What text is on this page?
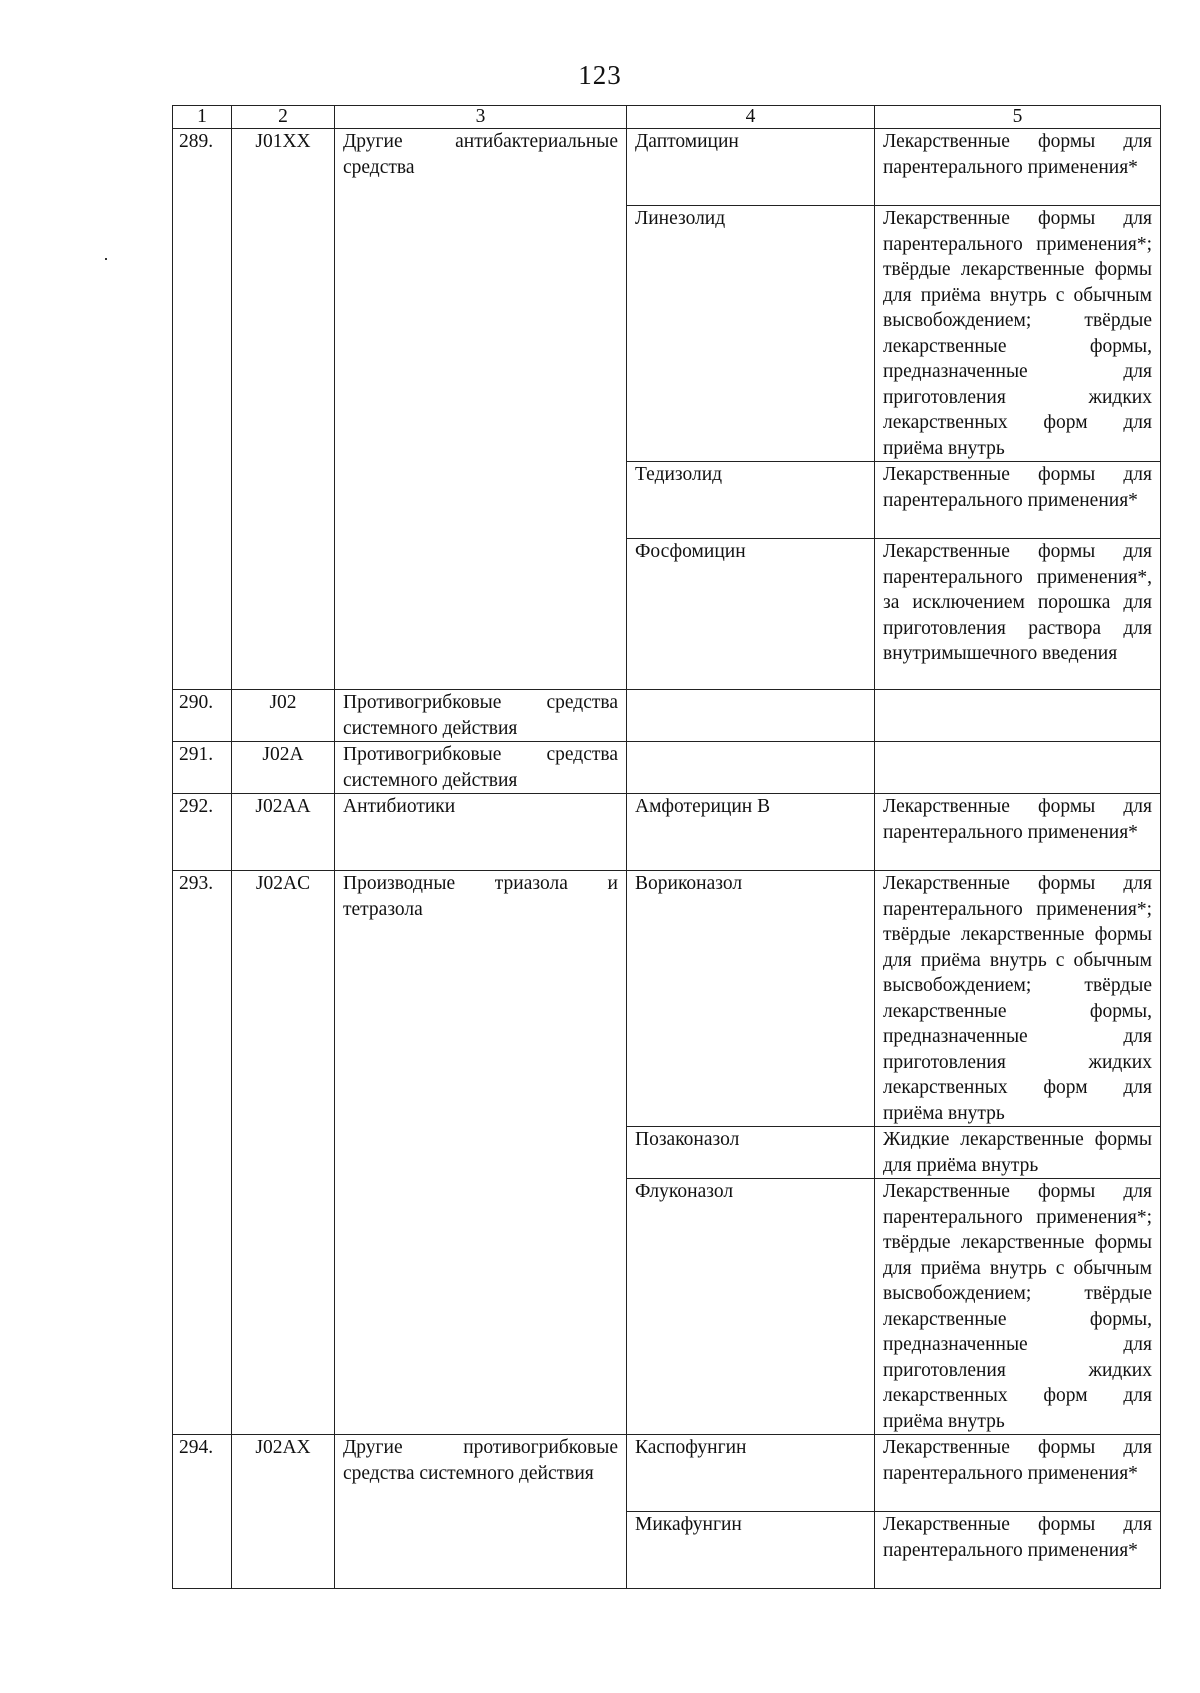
123
1	2	3	4	5
289.	J01XX	Другие антибактериальные средства	Даптомицин	Лекарственные формы для парентерального применения*
			Линезолид	Лекарственные формы для парентерального применения*; твёрдые лекарственные формы для приёма внутрь с обычным высвобождением; твёрдые лекарственные формы, предназначенные для приготовления жидких лекарственных форм для приёма внутрь
			Тедизолид	Лекарственные формы для парентерального применения*
			Фосфомицин	Лекарственные формы для парентерального применения*, за исключением порошка для приготовления раствора для внутримышечного введения
290.	J02	Противогрибковые средства системного действия		
291.	J02A	Противогрибковые средства системного действия		
292.	J02AA	Антибиотики	Амфотерицин В	Лекарственные формы для парентерального применения*
293.	J02AC	Производные триазола и тетразола	Вориконазол	Лекарственные формы для парентерального применения*; твёрдые лекарственные формы для приёма внутрь с обычным высвобождением; твёрдые лекарственные формы, предназначенные для приготовления жидких лекарственных форм для приёма внутрь
			Позаконазол	Жидкие лекарственные формы для приёма внутрь
			Флуконазол	Лекарственные формы для парентерального применения*; твёрдые лекарственные формы для приёма внутрь с обычным высвобождением; твёрдые лекарственные формы, предназначенные для приготовления жидких лекарственных форм для приёма внутрь
294.	J02AX	Другие противогрибковые средства системного действия	Каспофунгин	Лекарственные формы для парентерального применения*
			Микафунгин	Лекарственные формы для парентерального применения*
